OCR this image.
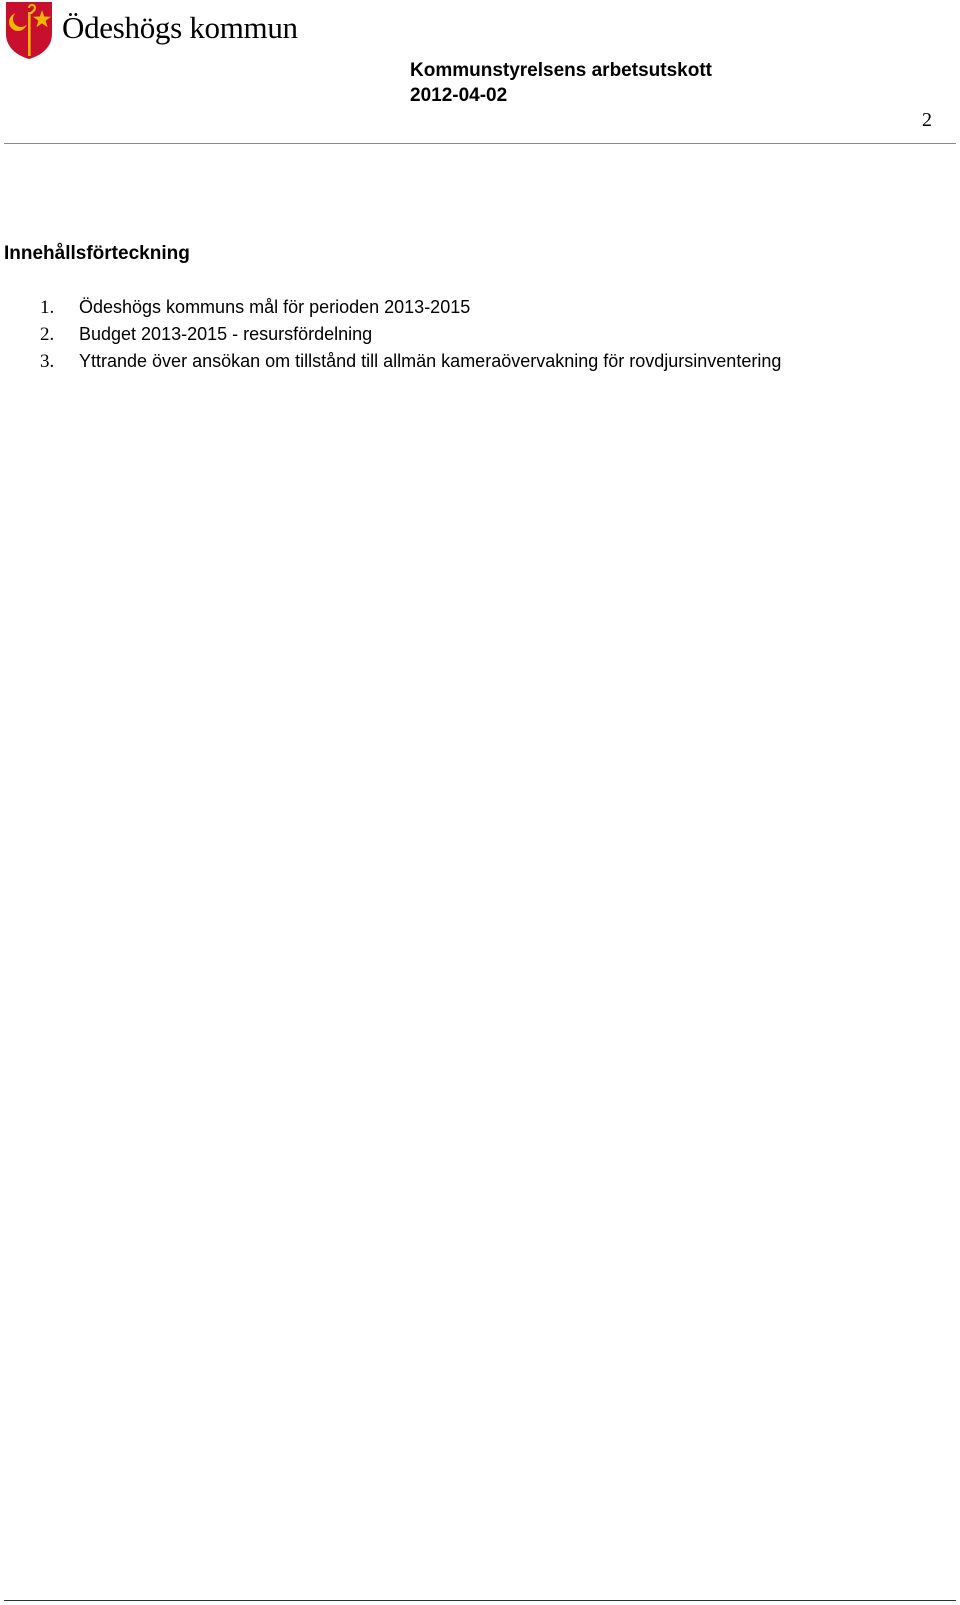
Ödeshögs kommun
Kommunstyrelsens arbetsutskott
2012-04-02
2
Innehållsförteckning
1. Ödeshögs kommuns mål för perioden 2013-2015
2. Budget 2013-2015 - resursfördelning
3. Yttrande över ansökan om tillstånd till allmän kameraövervakning för rovdjursinventering
